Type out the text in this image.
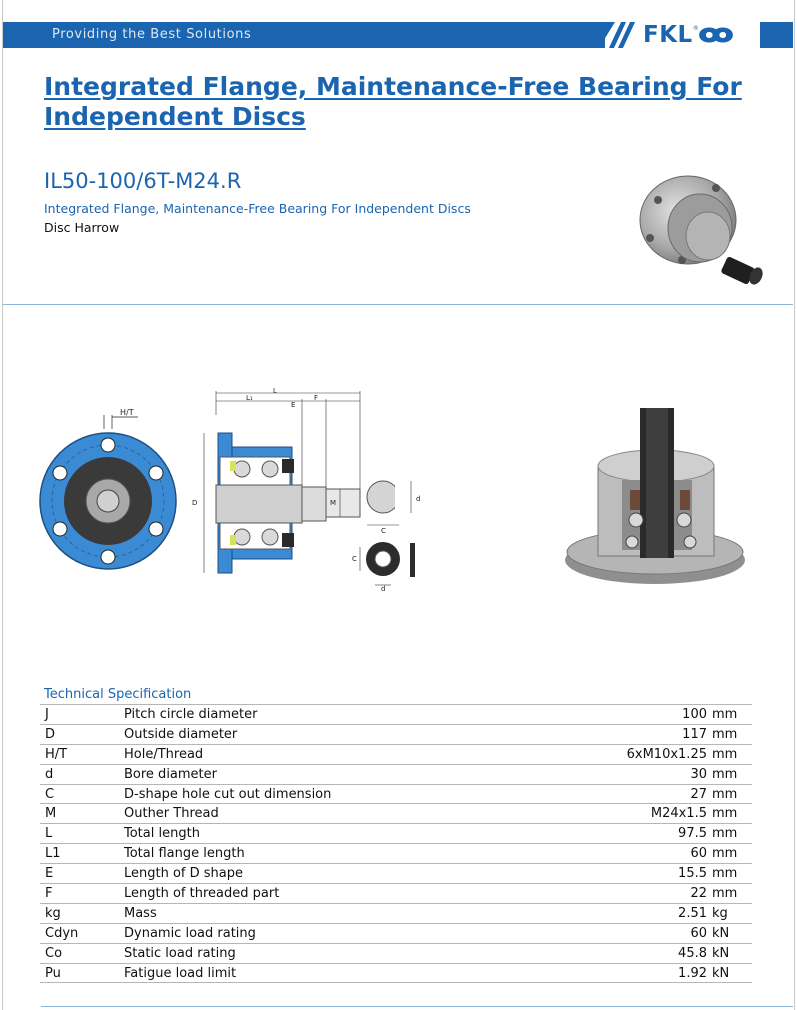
Providing the Best Solutions	FKL ®
Integrated Flange, Maintenance-Free Bearing For Independent Discs
IL50-100/6T-M24.R
Integrated Flange, Maintenance-Free Bearing For Independent Discs
Disc Harrow
H/T
L
L₁
E
F
D	M	d
C
C
d
Technical Specification
J	Pitch circle diameter	100	mm
D	Outside diameter	117	mm
H/T	Hole/Thread	6xM10x1.25	mm
d	Bore diameter	30	mm
C	D-shape hole cut out dimension	27	mm
M	Outher Thread	M24x1.5	mm
L	Total length	97.5	mm
L1	Total flange length	60	mm
E	Length of D shape	15.5	mm
F	Length of threaded part	22	mm
kg	Mass	2.51	kg
Cdyn	Dynamic load rating	60	kN
Co	Static load rating	45.8	kN
Pu	Fatigue load limit	1.92	kN
